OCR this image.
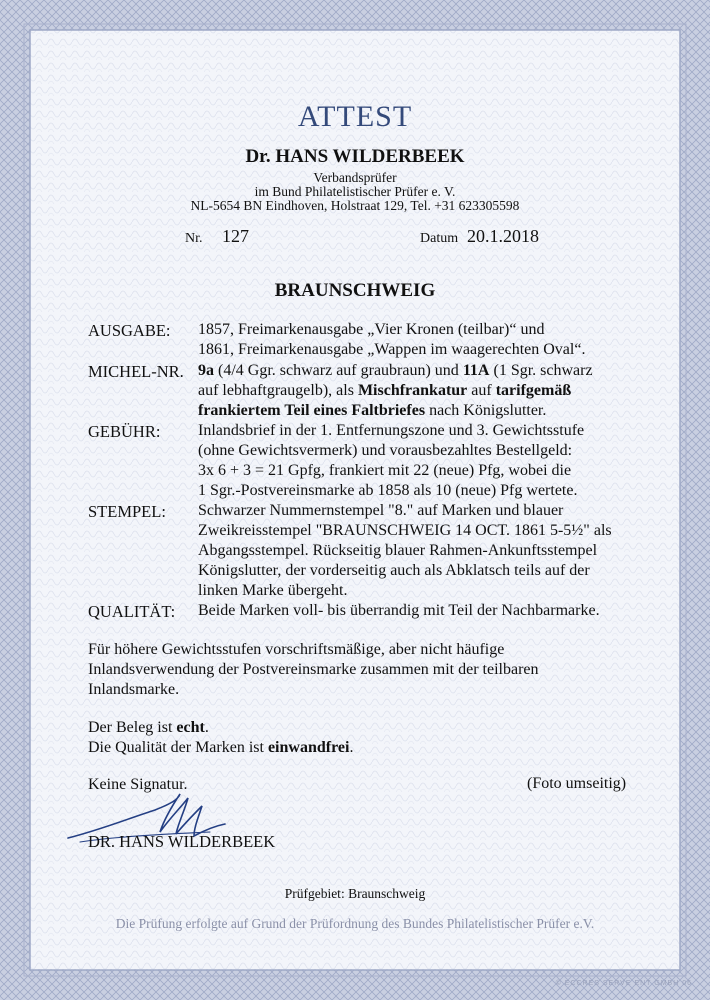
ATTEST
Dr. HANS WILDERBEEK
Verbandsprüfer
im Bund Philatelistischer Prüfer e. V.
NL-5654 BN Eindhoven, Holstraat 129, Tel. +31 623305598
Nr. 127	Datum 20.1.2018
BRAUNSCHWEIG
AUSGABE: 1857, Freimarkenausgabe „Vier Kronen (teilbar)“ und
1861, Freimarkenausgabe „Wappen im waagerechten Oval“.
MICHEL-NR. 9a (4/4 Ggr. schwarz auf graubraun) und 11A (1 Sgr. schwarz
auf lebhaftgraugelb), als Mischfrankatur auf tarifgemäß
frankiertem Teil eines Faltbriefes nach Königslutter.
GEBÜHR: Inlandsbrief in der 1. Entfernungszone und 3. Gewichtsstufe
(ohne Gewichtsvermerk) und vorausbezahltes Bestellgeld:
3x 6 + 3 = 21 Gpfg, frankiert mit 22 (neue) Pfg, wobei die
1 Sgr.-Postvereinsmarke ab 1858 als 10 (neue) Pfg wertete.
STEMPEL: Schwarzer Nummernstempel "8." auf Marken und blauer
Zweikreisstempel "BRAUNSCHWEIG 14 OCT. 1861 5-5½" als
Abgangsstempel. Rückseitig blauer Rahmen-Ankunftsstempel
Königslutter, der vorderseitig auch als Abklatsch teils auf der
linken Marke übergeht.
QUALITÄT: Beide Marken voll- bis überrandig mit Teil der Nachbarmarke.
Für höhere Gewichtsstufen vorschriftsmäßige, aber nicht häufige
Inlandsverwendung der Postvereinsmarke zusammen mit der teilbaren
Inlandsmarke.
Der Beleg ist echt.
Die Qualität der Marken ist einwandfrei.
Keine Signatur.	(Foto umseitig)
DR. HANS WILDERBEEK
Prüfgebiet: Braunschweig
Die Prüfung erfolgte auf Grund der Prüfordnung des Bundes Philatelistischer Prüfer e.V.
© ECCRES SERVE ENT GMBH 06
